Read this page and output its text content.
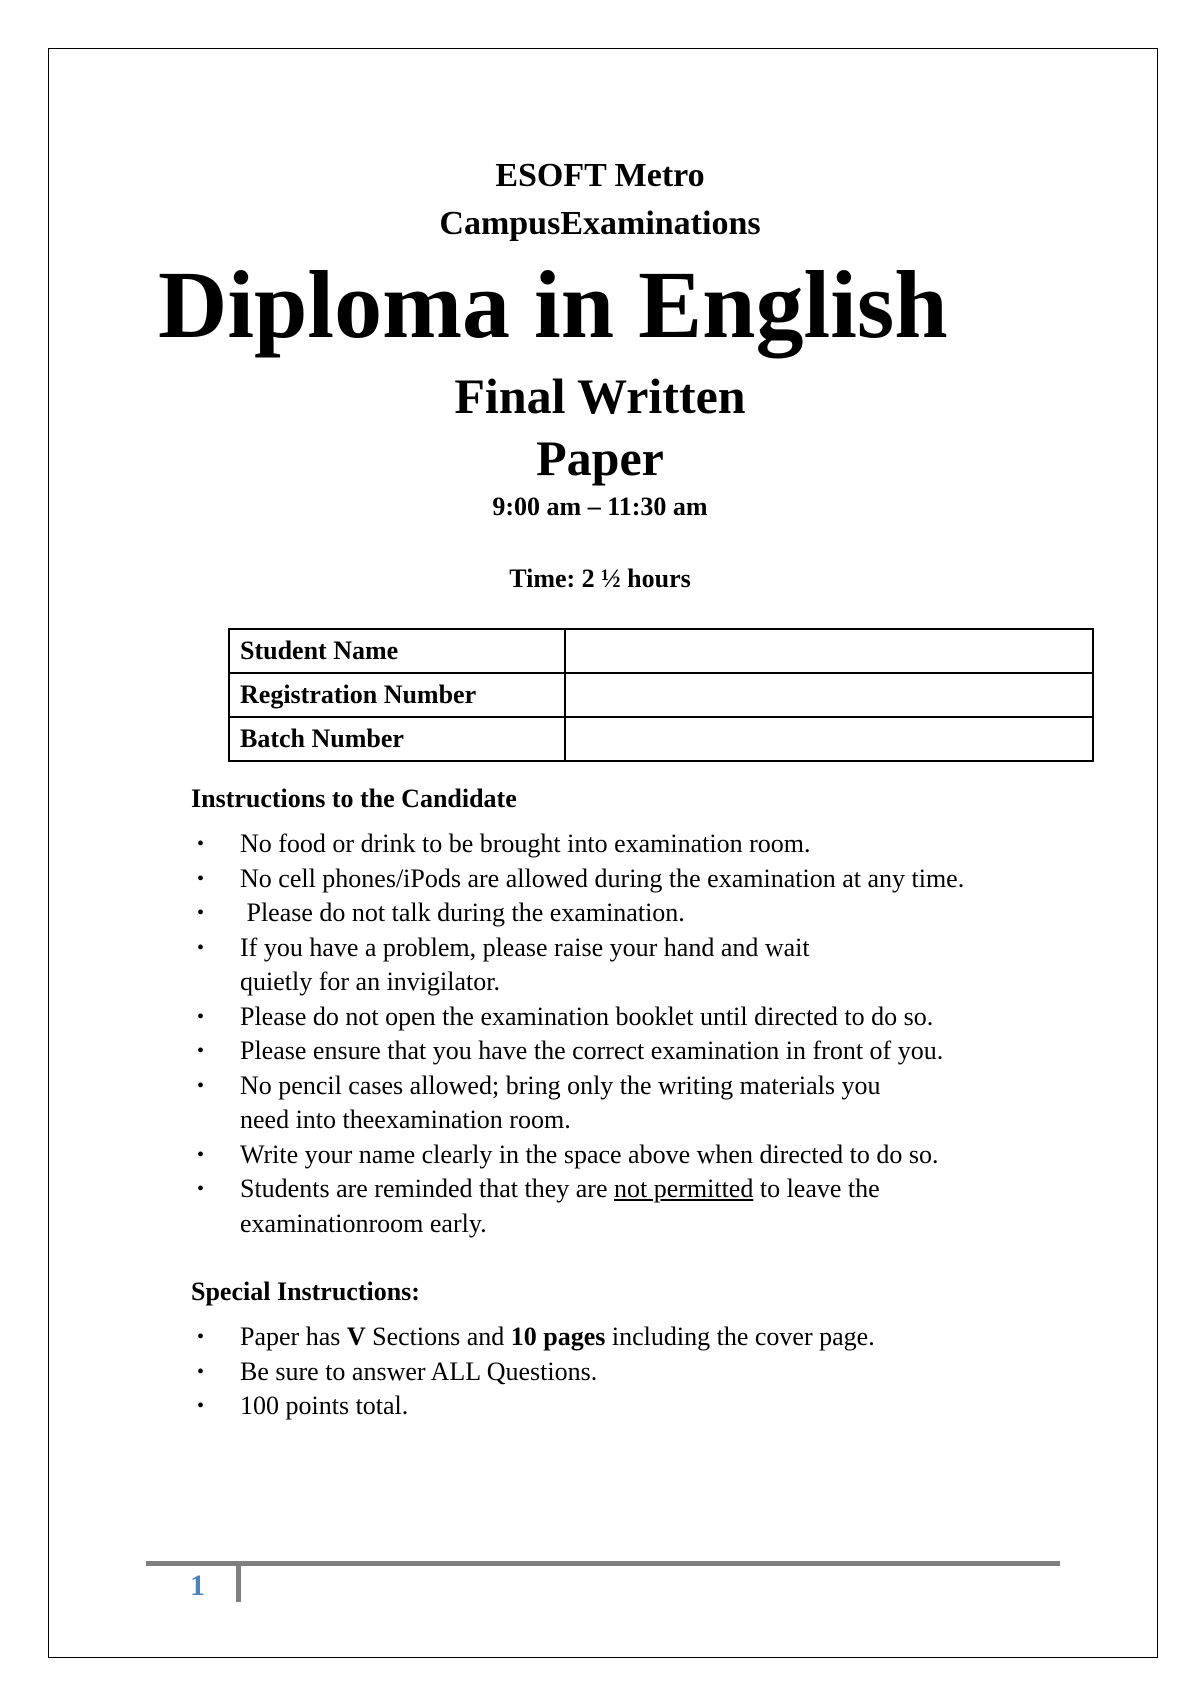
ESOFT Metro

CampusExaminations

Diploma in English

Final Written

Paper

9:00 am – 11:30 am

Time: 2 ½ hours

Student Name	
Registration Number	
Batch Number	
Instructions to the Candidate
• No food or drink to be brought into examination room.
• No cell phones/iPods are allowed during the examination at any time.
• Please do not talk during the examination.
• If you have a problem, please raise your hand and wait
quietly for an invigilator.
• Please do not open the examination booklet until directed to do so.
• Please ensure that you have the correct examination in front of you.
• No pencil cases allowed; bring only the writing materials you
need into theexamination room.
• Write your name clearly in the space above when directed to do so.
• Students are reminded that they are not permitted to leave the
examinationroom early.
Special Instructions:
• Paper has V Sections and 10 pages including the cover page.
• Be sure to answer ALL Questions.
• 100 points total.

1
